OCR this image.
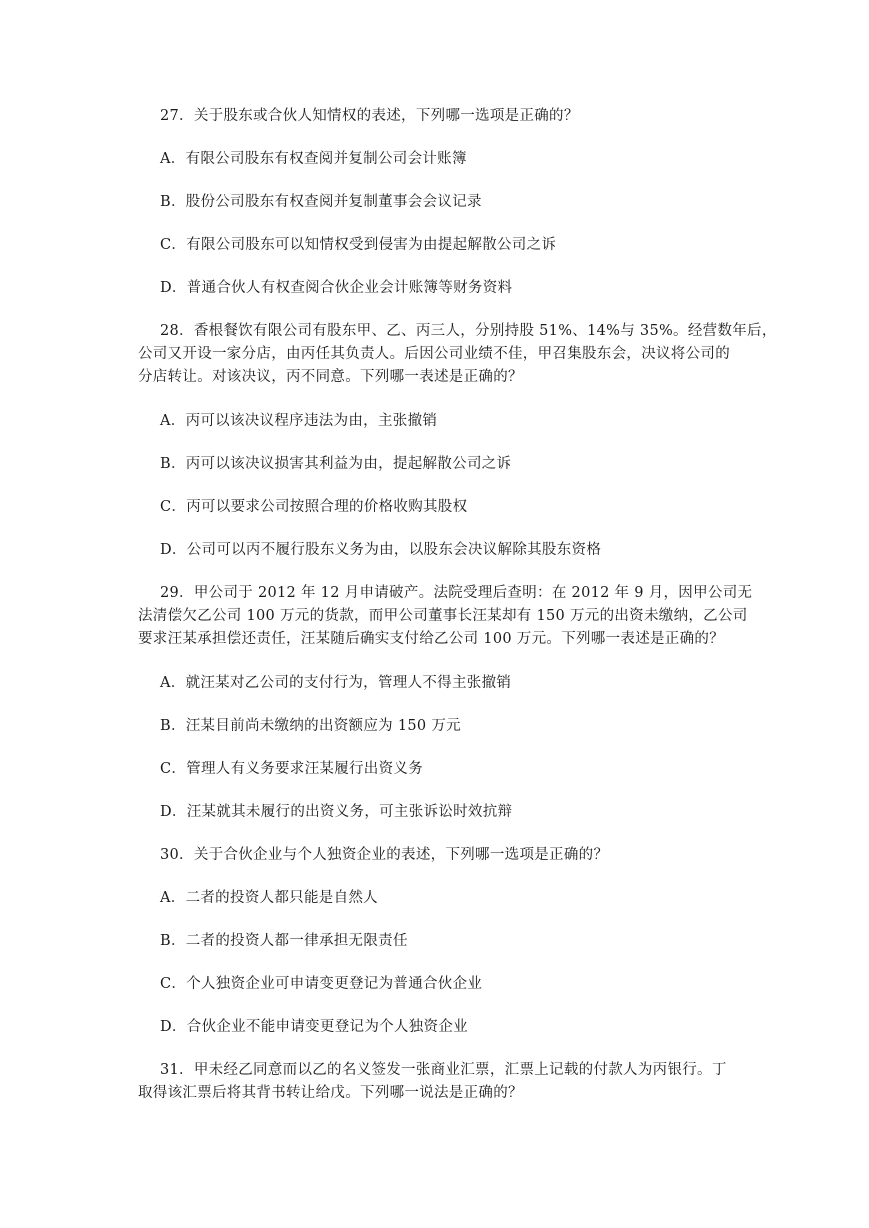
27．关于股东或合伙人知情权的表述，下列哪一选项是正确的？
A．有限公司股东有权查阅并复制公司会计账簿
B．股份公司股东有权查阅并复制董事会会议记录
C．有限公司股东可以知情权受到侵害为由提起解散公司之诉
D．普通合伙人有权查阅合伙企业会计账簿等财务资料
28．香根餐饮有限公司有股东甲、乙、丙三人，分别持股 51%、14%与 35%。经营数年后，
公司又开设一家分店，由丙任其负责人。后因公司业绩不佳，甲召集股东会，决议将公司的
分店转让。对该决议，丙不同意。下列哪一表述是正确的？
A．丙可以该决议程序违法为由，主张撤销
B．丙可以该决议损害其利益为由，提起解散公司之诉
C．丙可以要求公司按照合理的价格收购其股权
D．公司可以丙不履行股东义务为由，以股东会决议解除其股东资格
29．甲公司于 2012 年 12 月申请破产。法院受理后查明：在 2012 年 9 月，因甲公司无
法清偿欠乙公司 100 万元的货款，而甲公司董事长汪某却有 150 万元的出资未缴纳，乙公司
要求汪某承担偿还责任，汪某随后确实支付给乙公司 100 万元。下列哪一表述是正确的？
A．就汪某对乙公司的支付行为，管理人不得主张撤销
B．汪某目前尚未缴纳的出资额应为 150 万元
C．管理人有义务要求汪某履行出资义务
D．汪某就其未履行的出资义务，可主张诉讼时效抗辩
30．关于合伙企业与个人独资企业的表述，下列哪一选项是正确的？
A．二者的投资人都只能是自然人
B．二者的投资人都一律承担无限责任
C．个人独资企业可申请变更登记为普通合伙企业
D．合伙企业不能申请变更登记为个人独资企业
31．甲未经乙同意而以乙的名义签发一张商业汇票，汇票上记载的付款人为丙银行。丁
取得该汇票后将其背书转让给戊。下列哪一说法是正确的？
